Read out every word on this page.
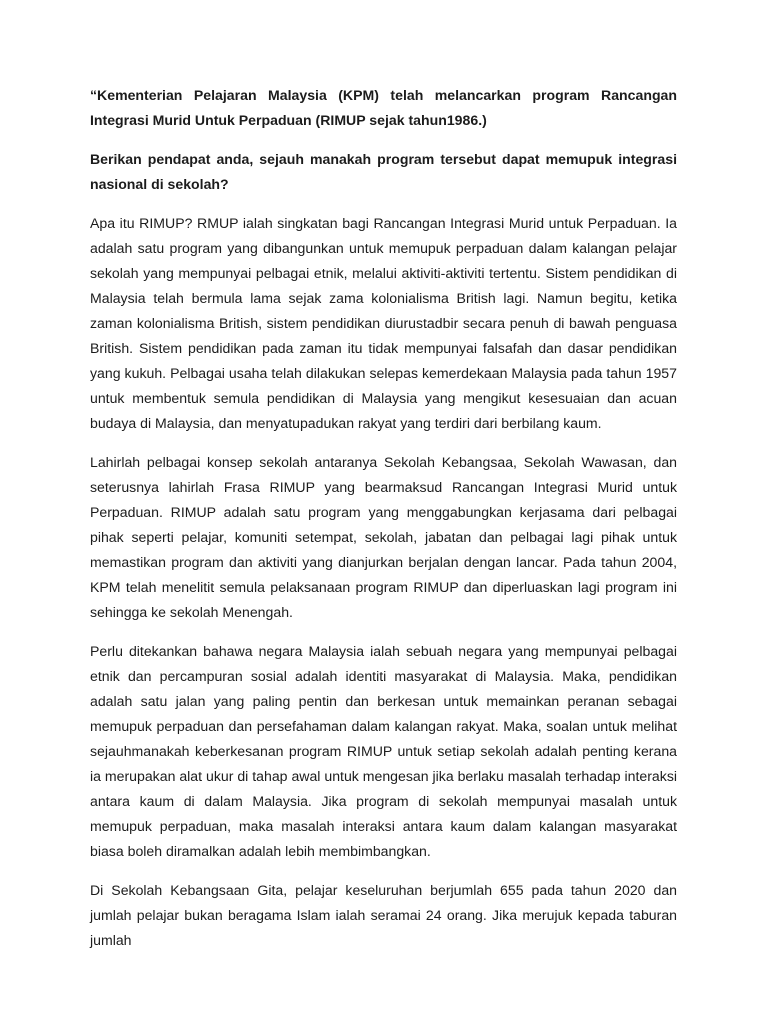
“Kementerian Pelajaran Malaysia (KPM) telah melancarkan program Rancangan Integrasi Murid Untuk Perpaduan (RIMUP sejak tahun1986.)

Berikan pendapat anda, sejauh manakah program tersebut dapat memupuk integrasi nasional di sekolah?

Apa itu RIMUP? RMUP ialah singkatan bagi Rancangan Integrasi Murid untuk Perpaduan. Ia adalah satu program yang dibangunkan untuk memupuk perpaduan dalam kalangan pelajar sekolah yang mempunyai pelbagai etnik, melalui aktiviti-aktiviti tertentu. Sistem pendidikan di Malaysia telah bermula lama sejak zama kolonialisma British lagi. Namun begitu, ketika zaman kolonialisma British, sistem pendidikan diurustadbir secara penuh di bawah penguasa British. Sistem pendidikan pada zaman itu tidak mempunyai falsafah dan dasar pendidikan yang kukuh. Pelbagai usaha telah dilakukan selepas kemerdekaan Malaysia pada tahun 1957 untuk membentuk semula pendidikan di Malaysia yang mengikut kesesuaian dan acuan budaya di Malaysia, dan menyatupadukan rakyat yang terdiri dari berbilang kaum.

Lahirlah pelbagai konsep sekolah antaranya Sekolah Kebangsaa, Sekolah Wawasan, dan seterusnya lahirlah Frasa RIMUP yang bearmaksud Rancangan Integrasi Murid untuk Perpaduan. RIMUP adalah satu program yang menggabungkan kerjasama dari pelbagai pihak seperti pelajar, komuniti setempat, sekolah, jabatan dan pelbagai lagi pihak untuk memastikan program dan aktiviti yang dianjurkan berjalan dengan lancar. Pada tahun 2004, KPM telah menelitit semula pelaksanaan program RIMUP dan diperluaskan lagi program ini sehingga ke sekolah Menengah.

Perlu ditekankan bahawa negara Malaysia ialah sebuah negara yang mempunyai pelbagai etnik dan percampuran sosial adalah identiti masyarakat di Malaysia. Maka, pendidikan adalah satu jalan yang paling pentin dan berkesan untuk memainkan peranan sebagai memupuk perpaduan dan persefahaman dalam kalangan rakyat. Maka, soalan untuk melihat sejauhmanakah keberkesanan program RIMUP untuk setiap sekolah adalah penting kerana ia merupakan alat ukur di tahap awal untuk mengesan jika berlaku masalah terhadap interaksi antara kaum di dalam Malaysia. Jika program di sekolah mempunyai masalah untuk memupuk perpaduan, maka masalah interaksi antara kaum dalam kalangan masyarakat biasa boleh diramalkan adalah lebih membimbangkan.

Di Sekolah Kebangsaan Gita, pelajar keseluruhan berjumlah 655 pada tahun 2020 dan jumlah pelajar bukan beragama Islam ialah seramai 24 orang. Jika merujuk kepada taburan jumlah
